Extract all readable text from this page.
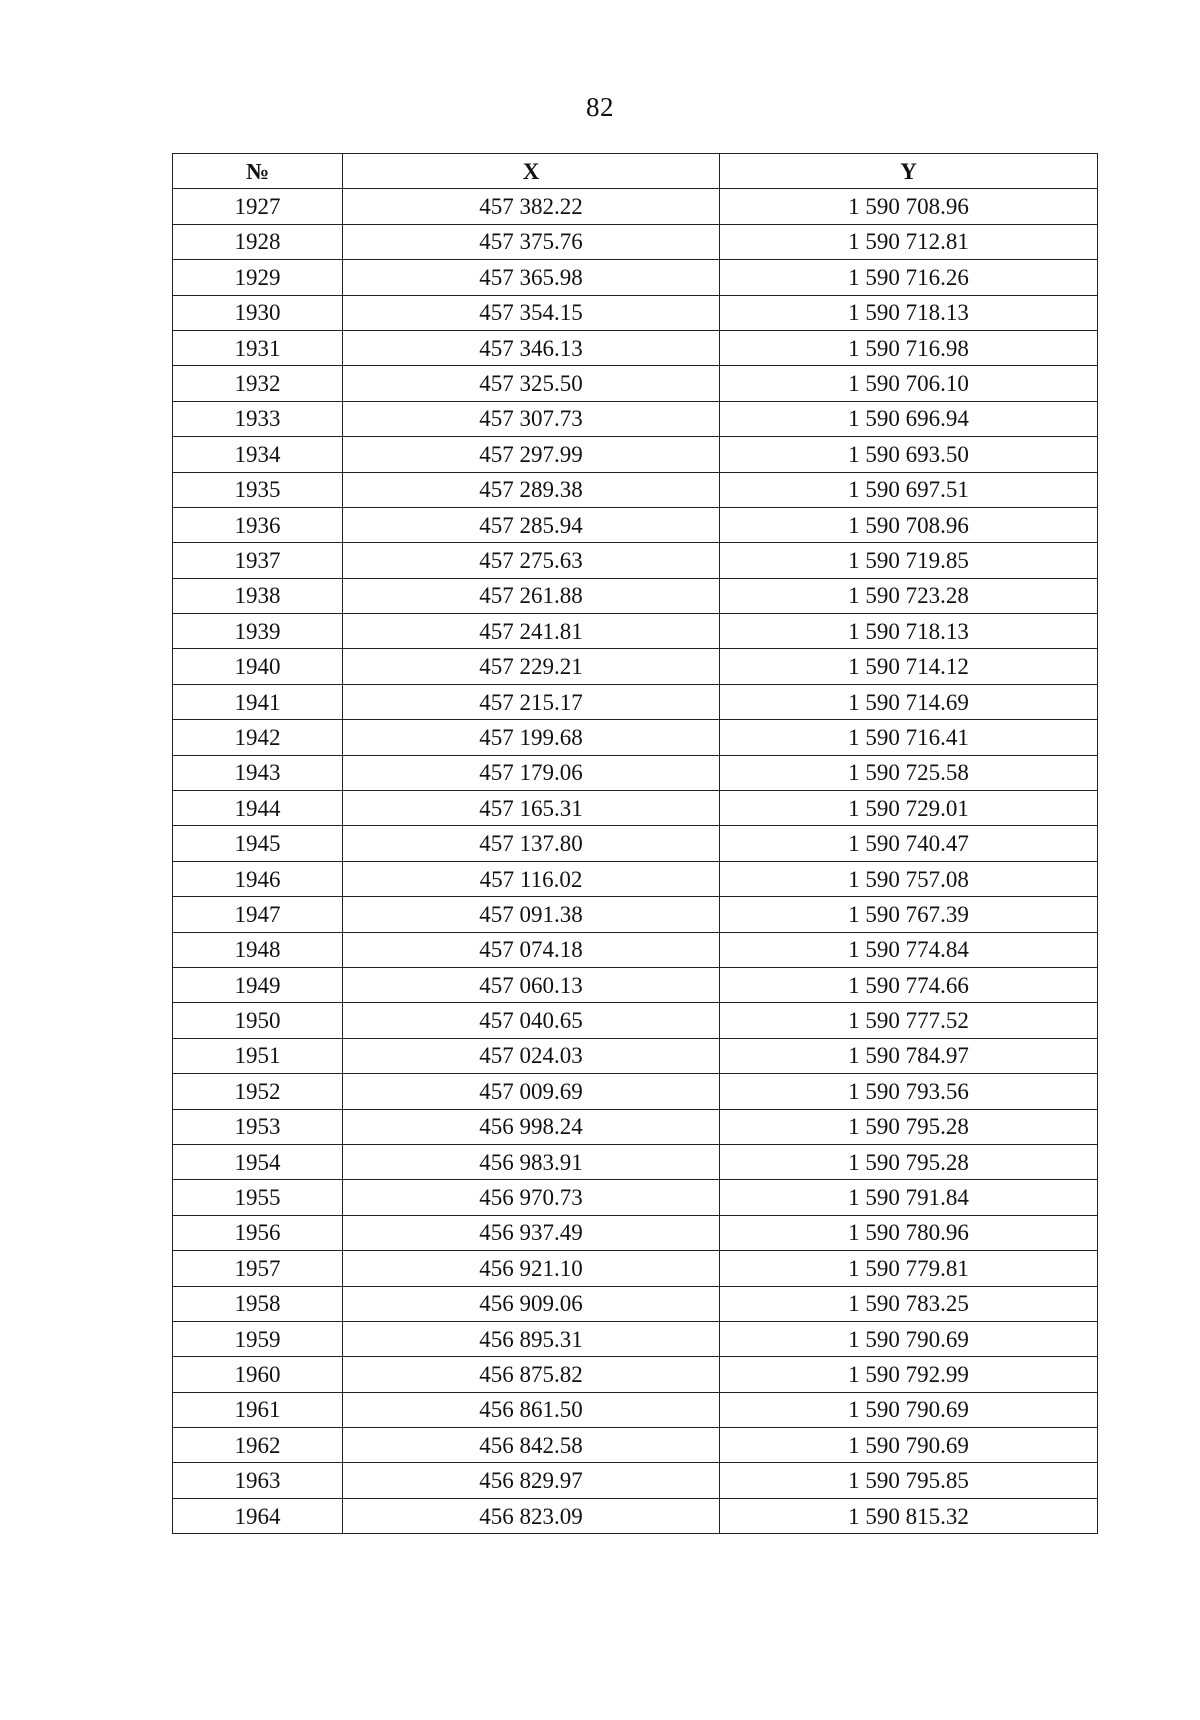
82
№	X	Y
1927	457 382.22	1 590 708.96
1928	457 375.76	1 590 712.81
1929	457 365.98	1 590 716.26
1930	457 354.15	1 590 718.13
1931	457 346.13	1 590 716.98
1932	457 325.50	1 590 706.10
1933	457 307.73	1 590 696.94
1934	457 297.99	1 590 693.50
1935	457 289.38	1 590 697.51
1936	457 285.94	1 590 708.96
1937	457 275.63	1 590 719.85
1938	457 261.88	1 590 723.28
1939	457 241.81	1 590 718.13
1940	457 229.21	1 590 714.12
1941	457 215.17	1 590 714.69
1942	457 199.68	1 590 716.41
1943	457 179.06	1 590 725.58
1944	457 165.31	1 590 729.01
1945	457 137.80	1 590 740.47
1946	457 116.02	1 590 757.08
1947	457 091.38	1 590 767.39
1948	457 074.18	1 590 774.84
1949	457 060.13	1 590 774.66
1950	457 040.65	1 590 777.52
1951	457 024.03	1 590 784.97
1952	457 009.69	1 590 793.56
1953	456 998.24	1 590 795.28
1954	456 983.91	1 590 795.28
1955	456 970.73	1 590 791.84
1956	456 937.49	1 590 780.96
1957	456 921.10	1 590 779.81
1958	456 909.06	1 590 783.25
1959	456 895.31	1 590 790.69
1960	456 875.82	1 590 792.99
1961	456 861.50	1 590 790.69
1962	456 842.58	1 590 790.69
1963	456 829.97	1 590 795.85
1964	456 823.09	1 590 815.32
